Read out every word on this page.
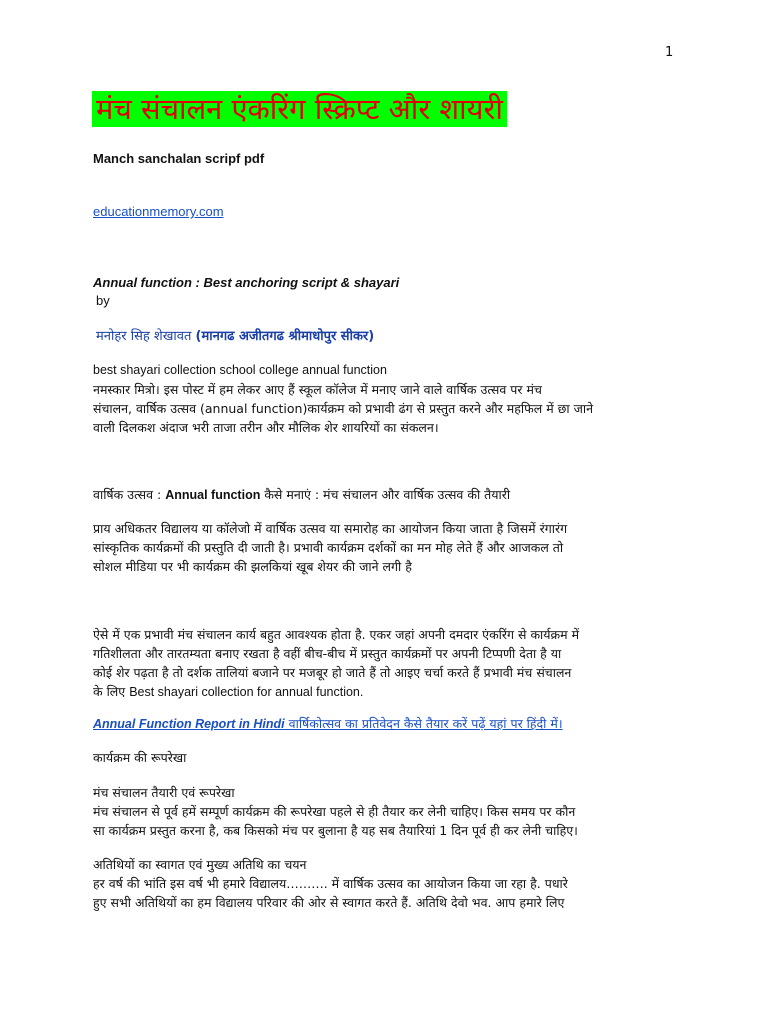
1
मंच संचालन एंकरिंग स्क्रिप्ट और शायरी
Manch sanchalan scripf pdf
educationmemory.com
Annual function : Best anchoring script & shayari
by
मनोहर सिह शेखावत (मानगढ अजीतगढ श्रीमाधोपुर सीकर)
best shayari collection school college annual function
नमस्कार मित्रो। इस पोस्ट में हम लेकर आए हैं स्कूल कॉलेज में मनाए जाने वाले वार्षिक उत्सव पर मंच
संचालन, वार्षिक उत्सव (annual function)कार्यक्रम को प्रभावी ढंग से प्रस्तुत करने और महफिल में छा जाने
वाली दिलकश अंदाज भरी ताजा तरीन और मौलिक शेर शायरियों का संकलन।
वार्षिक उत्सव : Annual function कैसे मनाएं : मंच संचालन और वार्षिक उत्सव की तैयारी
प्राय अधिकतर विद्यालय या कॉलेजो में वार्षिक उत्सव या समारोह का आयोजन किया जाता है जिसमें रंगारंग
सांस्कृतिक कार्यक्रमों की प्रस्तुति दी जाती है। प्रभावी कार्यक्रम दर्शकों का मन मोह लेते हैं और आजकल तो
सोशल मीडिया पर भी कार्यक्रम की झलकियां खूब शेयर की जाने लगी है
ऐसे में एक प्रभावी मंच संचालन कार्य बहुत आवश्यक होता है. एकर जहां अपनी दमदार एंकरिंग से कार्यक्रम में
गतिशीलता और तारतम्यता बनाए रखता है वहीं बीच-बीच में प्रस्तुत कार्यक्रमों पर अपनी टिप्पणी देता है या
कोई शेर पढ़ता है तो दर्शक तालियां बजाने पर मजबूर हो जाते हैं तो आइए चर्चा करते हैं प्रभावी मंच संचालन
के लिए Best shayari collection for annual function.
Annual Function Report in Hindi वार्षिकोत्सव का प्रतिवेदन कैसे तैयार करें पढ़ें यहां पर हिंदी में।
कार्यक्रम की रूपरेखा
मंच संचालन तैयारी एवं रूपरेखा
मंच संचालन से पूर्व हमें सम्पूर्ण कार्यक्रम की रूपरेखा पहले से ही तैयार कर लेनी चाहिए। किस समय पर कौन
सा कार्यक्रम प्रस्तुत करना है, कब किसको मंच पर बुलाना है यह सब तैयारियां 1 दिन पूर्व ही कर लेनी चाहिए।
अतिथियों का स्वागत एवं मुख्य अतिथि का चयन
हर वर्ष की भांति इस वर्ष भी हमारे विद्यालय………. में वार्षिक उत्सव का आयोजन किया जा रहा है. पधारे
हुए सभी अतिथियों का हम विद्यालय परिवार की ओर से स्वागत करते हैं. अतिथि देवो भव. आप हमारे लिए
